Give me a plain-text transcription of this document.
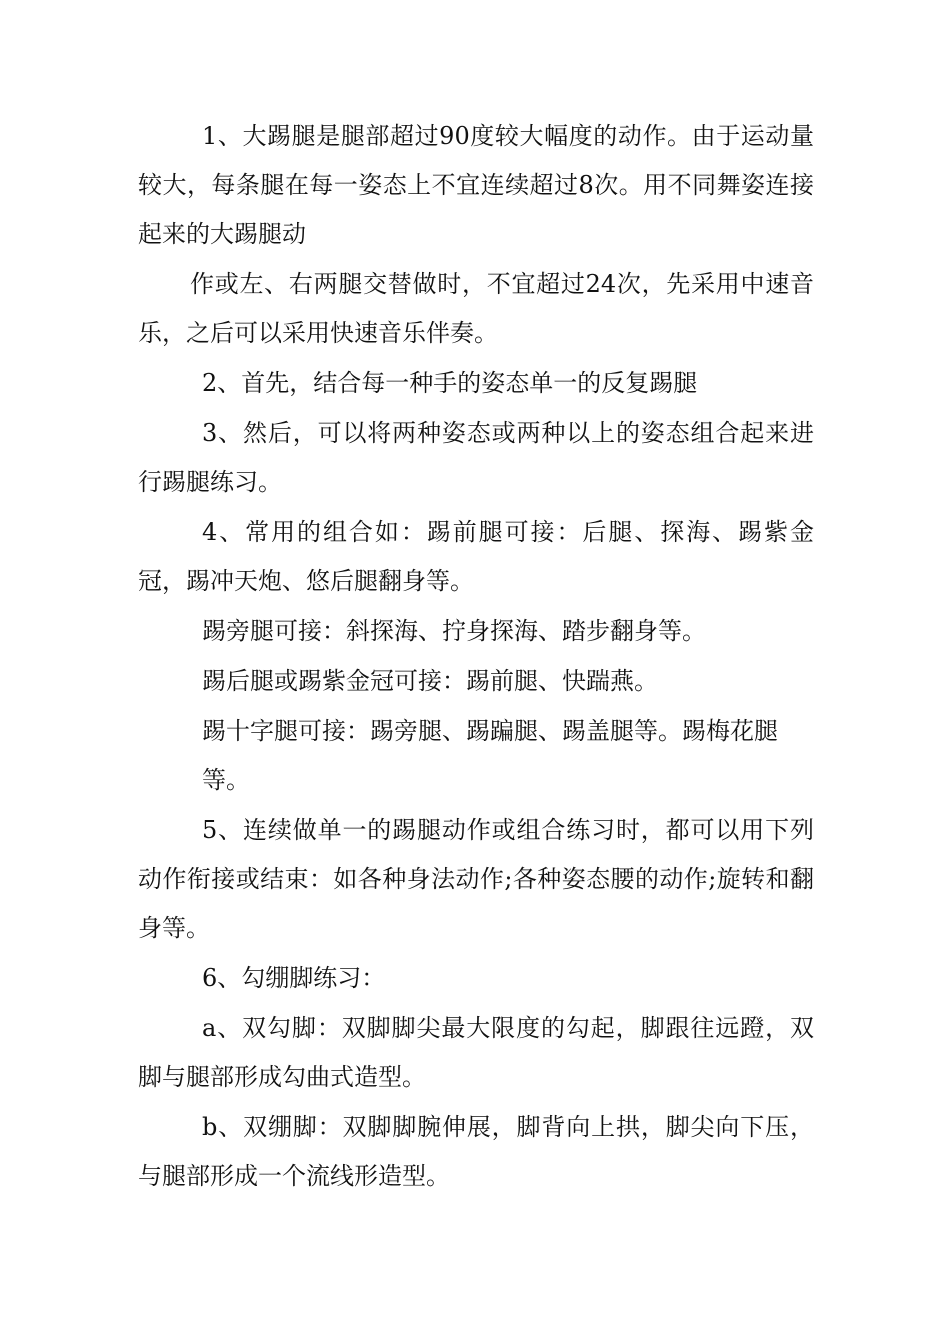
1、大踢腿是腿部超过90度较大幅度的动作。由于运动量较大，每条腿在每一姿态上不宜连续超过8次。用不同舞姿连接起来的大踢腿动

作或左、右两腿交替做时，不宜超过24次，先采用中速音乐，之后可以采用快速音乐伴奏。

2、首先，结合每一种手的姿态单一的反复踢腿

3、然后，可以将两种姿态或两种以上的姿态组合起来进行踢腿练习。

4、常用的组合如：踢前腿可接：后腿、探海、踢紫金冠，踢冲天炮、悠后腿翻身等。

踢旁腿可接：斜探海、拧身探海、踏步翻身等。

踢后腿或踢紫金冠可接：踢前腿、快踹燕。

踢十字腿可接：踢旁腿、踢蹁腿、踢盖腿等。踢梅花腿等。

5、连续做单一的踢腿动作或组合练习时，都可以用下列动作衔接或结束：如各种身法动作;各种姿态腰的动作;旋转和翻身等。

6、勾绷脚练习：

a、双勾脚：双脚脚尖最大限度的勾起，脚跟往远蹬，双脚与腿部形成勾曲式造型。

b、双绷脚：双脚脚腕伸展，脚背向上拱，脚尖向下压，与腿部形成一个流线形造型。
